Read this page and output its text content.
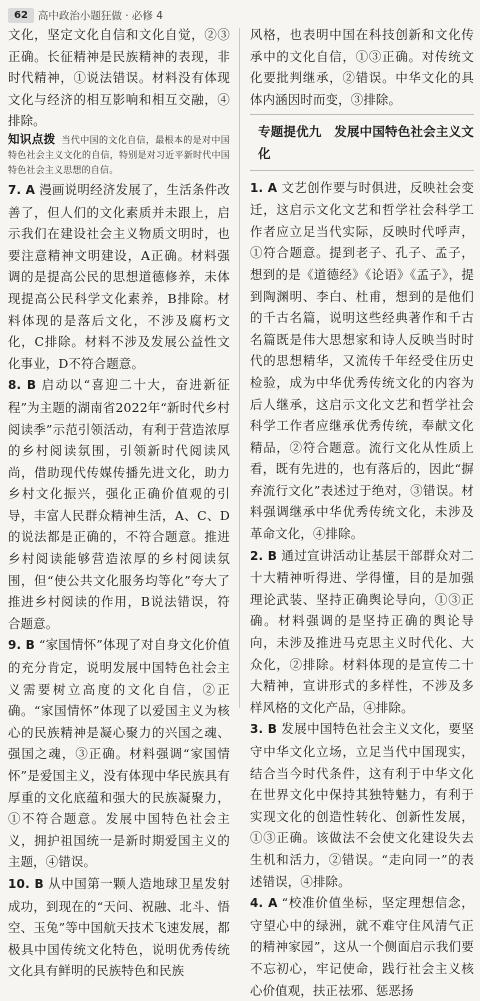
62 高中政治小题狂做 · 必修 4

文化，坚定文化自信和文化自觉，②③正确。长征精神是民族精神的表现，非时代精神，①说法错误。材料没有体现文化与经济的相互影响和相互交融，④排除。

知识点拨 当代中国的文化自信，最根本的是对中国特色社会主义文化的自信，特别是对习近平新时代中国特色社会主义思想的自信。

7. A 漫画说明经济发展了，生活条件改善了，但人们的文化素质并未跟上，启示我们在建设社会主义物质文明时，也要注意精神文明建设，A正确。材料强调的是提高公民的思想道德修养，未体现提高公民科学文化素养，B排除。材料体现的是落后文化，不涉及腐朽文化，C排除。材料不涉及发展公益性文化事业，D不符合题意。

8. B 启动以“喜迎二十大，奋进新征程”为主题的湖南省2022年“新时代乡村阅读季”示范引领活动，有利于营造浓厚的乡村阅读氛围，引领新时代阅读风尚，借助现代传媒传播先进文化，助力乡村文化振兴，强化正确价值观的引导，丰富人民群众精神生活，A、C、D的说法都是正确的，不符合题意。推进乡村阅读能够营造浓厚的乡村阅读氛围，但“使公共文化服务均等化”夸大了推进乡村阅读的作用，B说法错误，符合题意。

9. B “家国情怀”体现了对自身文化价值的充分肯定，说明发展中国特色社会主义需要树立高度的文化自信，②正确。“家国情怀”体现了以爱国主义为核心的民族精神是凝心聚力的兴国之魂、强国之魂，③正确。材料强调“家国情怀”是爱国主义，没有体现中华民族具有厚重的文化底蕴和强大的民族凝聚力，①不符合题意。发展中国特色社会主义，拥护祖国统一是新时期爱国主义的主题，④错误。

10. B 从中国第一颗人造地球卫星发射成功，到现在的“天问、祝融、北斗、悟空、玉兔”等中国航天技术飞速发展，都极具中国传统文化特色，说明优秀传统文化具有鲜明的民族特色和民族

风格，也表明中国在科技创新和文化传承中的文化自信，①③正确。对传统文化要批判继承，②错误。中华文化的具体内涵因时而变，③排除。

专题提优九　发展中国特色社会主义文化

1. A 文艺创作要与时俱进，反映社会变迁，这启示文化文艺和哲学社会科学工作者应立足当代实际，反映时代呼声，①符合题意。提到老子、孔子、孟子，想到的是《道德经》《论语》《孟子》，提到陶渊明、李白、杜甫，想到的是他们的千古名篇，说明这些经典著作和千古名篇既是伟大思想家和诗人反映当时时代的思想精华，又流传千年经受住历史检验，成为中华优秀传统文化的内容为后人继承，这启示文化文艺和哲学社会科学工作者应继承优秀传统，奉献文化精品，②符合题意。流行文化从性质上看，既有先进的，也有落后的，因此“摒弃流行文化”表述过于绝对，③错误。材料强调继承中华优秀传统文化，未涉及革命文化，④排除。

2. B 通过宣讲活动让基层干部群众对二十大精神听得进、学得懂，目的是加强理论武装、坚持正确舆论导向，①③正确。材料强调的是坚持正确的舆论导向，未涉及推进马克思主义时代化、大众化，②排除。材料体现的是宣传二十大精神，宣讲形式的多样性，不涉及多样风格的文化产品，④排除。

3. B 发展中国特色社会主义文化，要坚守中华文化立场，立足当代中国现实，结合当今时代条件，这有利于中华文化在世界文化中保持其独特魅力，有利于实现文化的创造性转化、创新性发展，①③正确。该做法不会使文化建设失去生机和活力，②错误。“走向同一”的表述错误，④排除。

4. A “校准价值坐标，坚定理想信念，守望心中的绿洲，就不难守住风清气正的精神家园”，这从一个侧面启示我们要不忘初心，牢记使命，践行社会主义核心价值观，扶正祛邪、惩恶扬
